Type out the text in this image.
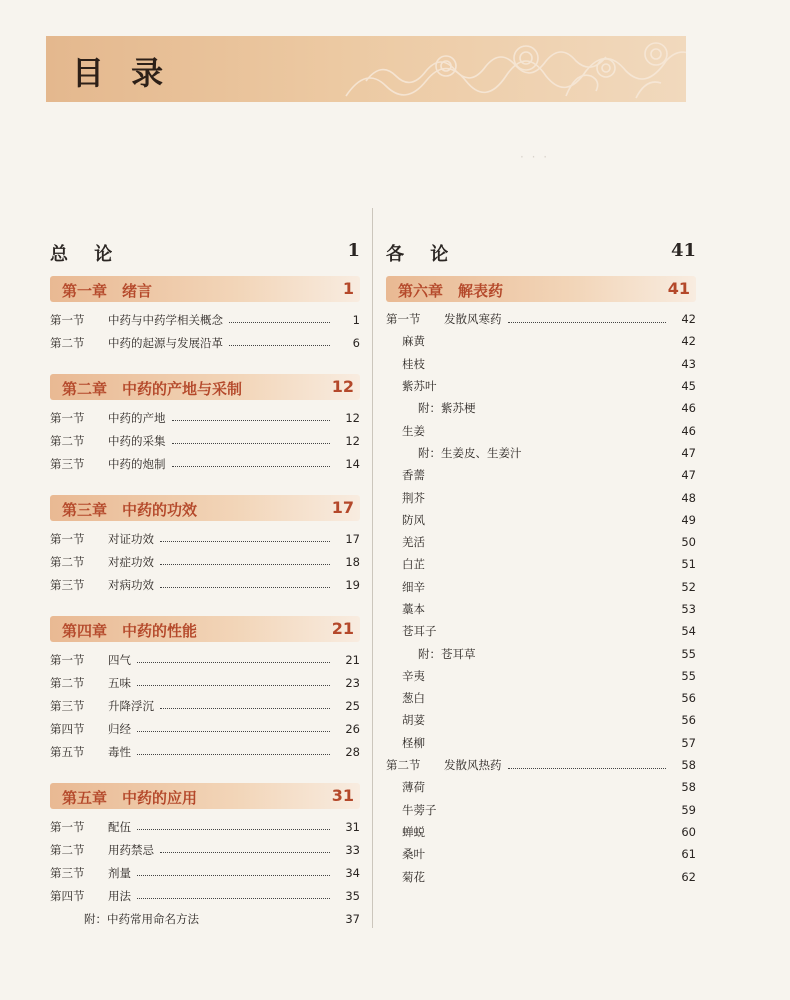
· · ·
目 录
总 论	1
第一章　绪言	1
第一节	中药与中药学相关概念	1
第二节	中药的起源与发展沿革	6
第二章　中药的产地与采制	12
第一节	中药的产地	12
第二节	中药的采集	12
第三节	中药的炮制	14
第三章　中药的功效	17
第一节	对证功效	17
第二节	对症功效	18
第三节	对病功效	19
第四章　中药的性能	21
第一节	四气	21
第二节	五味	23
第三节	升降浮沉	25
第四节	归经	26
第五节	毒性	28
第五章　中药的应用	31
第一节	配伍	31
第二节	用药禁忌	33
第三节	剂量	34
第四节	用法	35
附：中药常用命名方法	37
各 论	41
第六章　解表药	41
第一节	发散风寒药	42
麻黄	42
桂枝	43
紫苏叶	45
附：紫苏梗	46
生姜	46
附：生姜皮、生姜汁	47
香薷	47
荆芥	48
防风	49
羌活	50
白芷	51
细辛	52
藁本	53
苍耳子	54
附：苍耳草	55
辛夷	55
葱白	56
胡荽	56
柽柳	57
第二节	发散风热药	58
薄荷	58
牛蒡子	59
蝉蜕	60
桑叶	61
菊花	62
